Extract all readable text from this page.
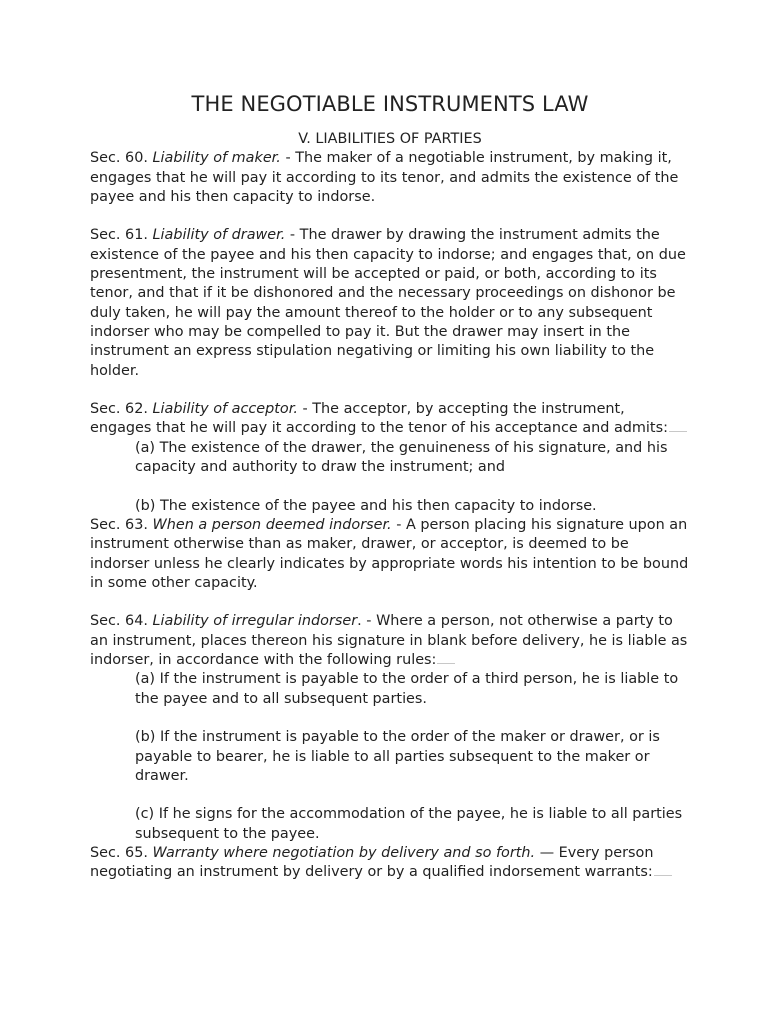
THE NEGOTIABLE INSTRUMENTS LAW

V. LIABILITIES OF PARTIES

Sec. 60. Liability of maker. - The maker of a negotiable instrument, by making it, engages that he will pay it according to its tenor, and admits the existence of the payee and his then capacity to indorse.

Sec. 61. Liability of drawer. - The drawer by drawing the instrument admits the existence of the payee and his then capacity to indorse; and engages that, on due presentment, the instrument will be accepted or paid, or both, according to its tenor, and that if it be dishonored and the necessary proceedings on dishonor be duly taken, he will pay the amount thereof to the holder or to any subsequent indorser who may be compelled to pay it. But the drawer may insert in the instrument an express stipulation negativing or limiting his own liability to the holder.

Sec. 62. Liability of acceptor. - The acceptor, by accepting the instrument, engages that he will pay it according to the tenor of his acceptance and admits:

(a) The existence of the drawer, the genuineness of his signature, and his capacity and authority to draw the instrument; and

(b) The existence of the payee and his then capacity to indorse.

Sec. 63. When a person deemed indorser. - A person placing his signature upon an instrument otherwise than as maker, drawer, or acceptor, is deemed to be indorser unless he clearly indicates by appropriate words his intention to be bound in some other capacity.

Sec. 64. Liability of irregular indorser. - Where a person, not otherwise a party to an instrument, places thereon his signature in blank before delivery, he is liable as indorser, in accordance with the following rules:

(a) If the instrument is payable to the order of a third person, he is liable to the payee and to all subsequent parties.

(b) If the instrument is payable to the order of the maker or drawer, or is payable to bearer, he is liable to all parties subsequent to the maker or drawer.

(c) If he signs for the accommodation of the payee, he is liable to all parties subsequent to the payee.

Sec. 65. Warranty where negotiation by delivery and so forth. — Every person negotiating an instrument by delivery or by a qualified indorsement warrants:
